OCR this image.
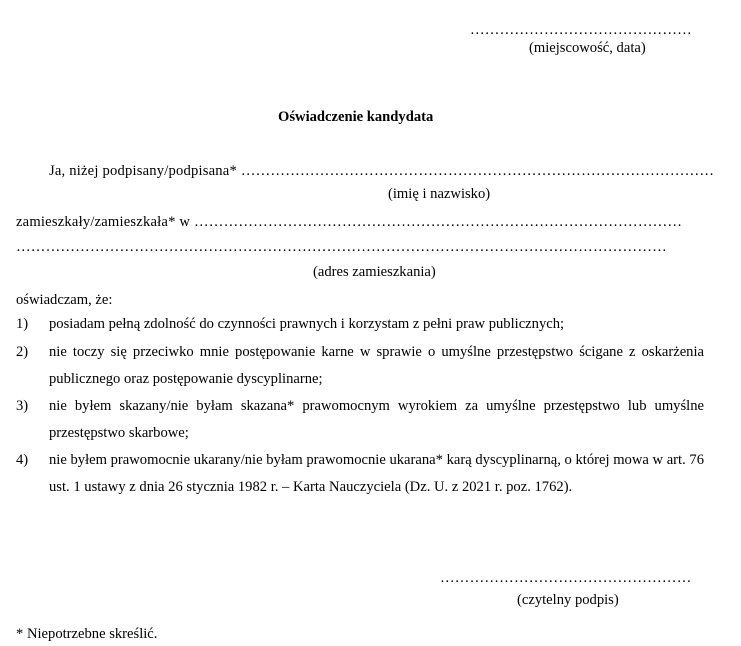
………………………………………
(miejscowość, data)
Oświadczenie kandydata
Ja, niżej podpisany/podpisana* ……………………………………………………………………………………
(imię i nazwisko)
zamieszkały/zamieszkała* w ………………………………………………………………………………………
……………………………………………………………………………………………………………………
(adres zamieszkania)
oświadczam, że:
1) posiadam pełną zdolność do czynności prawnych i korzystam z pełni praw publicznych;
2) nie toczy się przeciwko mnie postępowanie karne w sprawie o umyślne przestępstwo ścigane z oskarżenia publicznego oraz postępowanie dyscyplinarne;
3) nie byłem skazany/nie byłam skazana* prawomocnym wyrokiem za umyślne przestępstwo lub umyślne przestępstwo skarbowe;
4) nie byłem prawomocnie ukarany/nie byłam prawomocnie ukarana* karą dyscyplinarną, o której mowa w art. 76 ust. 1 ustawy z dnia 26 stycznia 1982 r. – Karta Nauczyciela (Dz. U. z 2021 r. poz. 1762).
……………………………………………
(czytelny podpis)
* Niepotrzebne skreślić.
